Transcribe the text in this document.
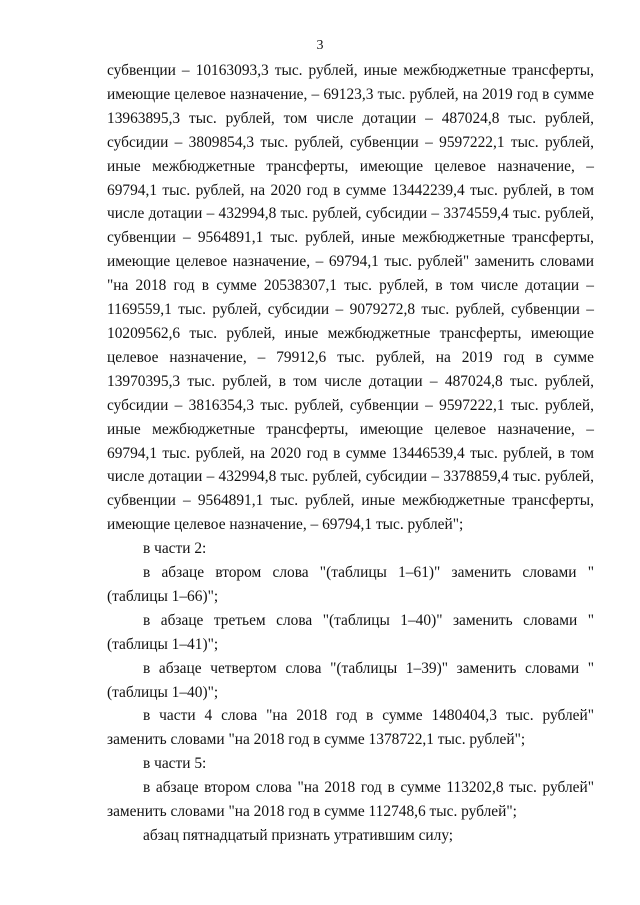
3

субвенции – 10163093,3 тыс. рублей, иные межбюджетные трансферты, имеющие целевое назначение, – 69123,3 тыс. рублей, на 2019 год в сумме 13963895,3 тыс. рублей, том числе дотации – 487024,8 тыс. рублей, субсидии – 3809854,3 тыс. рублей, субвенции – 9597222,1 тыс. рублей, иные межбюджетные трансферты, имеющие целевое назначение, – 69794,1 тыс. рублей, на 2020 год в сумме 13442239,4 тыс. рублей, в том числе дотации – 432994,8 тыс. рублей, субсидии – 3374559,4 тыс. рублей, субвенции – 9564891,1 тыс. рублей, иные межбюджетные трансферты, имеющие целевое назначение, – 69794,1 тыс. рублей" заменить словами "на 2018 год в сумме 20538307,1 тыс. рублей, в том числе дотации – 1169559,1 тыс. рублей, субсидии – 9079272,8 тыс. рублей, субвенции – 10209562,6 тыс. рублей, иные межбюджетные трансферты, имеющие целевое назначение, – 79912,6 тыс. рублей, на 2019 год в сумме 13970395,3 тыс. рублей, в том числе дотации – 487024,8 тыс. рублей, субсидии – 3816354,3 тыс. рублей, субвенции – 9597222,1 тыс. рублей, иные межбюджетные трансферты, имеющие целевое назначение, – 69794,1 тыс. рублей, на 2020 год в сумме 13446539,4 тыс. рублей, в том числе дотации – 432994,8 тыс. рублей, субсидии – 3378859,4 тыс. рублей, субвенции – 9564891,1 тыс. рублей, иные межбюджетные трансферты, имеющие целевое назначение, – 69794,1 тыс. рублей";

в части 2:

в абзаце втором слова "(таблицы 1–61)" заменить словами "(таблицы 1–66)";

в абзаце третьем слова "(таблицы 1–40)" заменить словами "(таблицы 1–41)";

в абзаце четвертом слова "(таблицы 1–39)" заменить словами "(таблицы 1–40)";

в части 4 слова "на 2018 год в сумме 1480404,3 тыс. рублей" заменить словами "на 2018 год в сумме 1378722,1 тыс. рублей";

в части 5:

в абзаце втором слова "на 2018 год в сумме 113202,8 тыс. рублей" заменить словами "на 2018 год в сумме 112748,6 тыс. рублей";

абзац пятнадцатый признать утратившим силу;
